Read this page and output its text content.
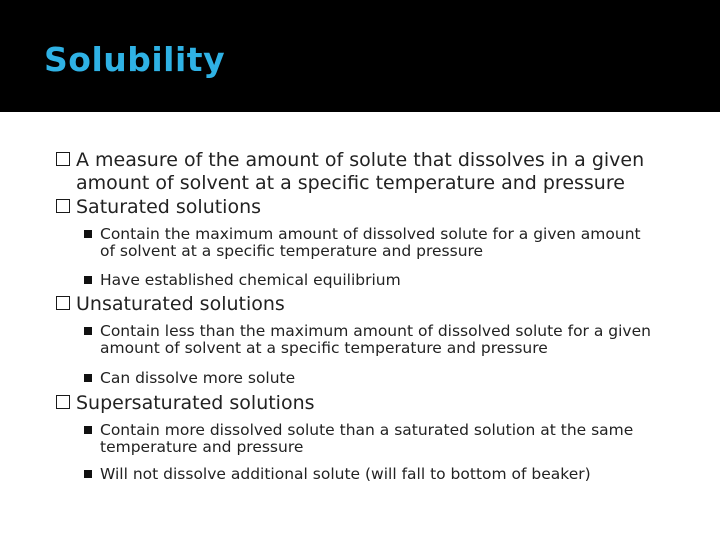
Solubility
A measure of the amount of solute that dissolves in a given amount of solvent at a specific temperature and pressure
Saturated solutions
Contain the maximum amount of dissolved solute for a given amount of solvent at a specific temperature and pressure
Have established chemical equilibrium
Unsaturated solutions
Contain less than the maximum amount of dissolved solute for a given amount of solvent at a specific temperature and pressure
Can dissolve more solute
Supersaturated solutions
Contain more dissolved solute than a saturated solution at the same temperature and pressure
Will not dissolve additional solute (will fall to bottom of beaker)
